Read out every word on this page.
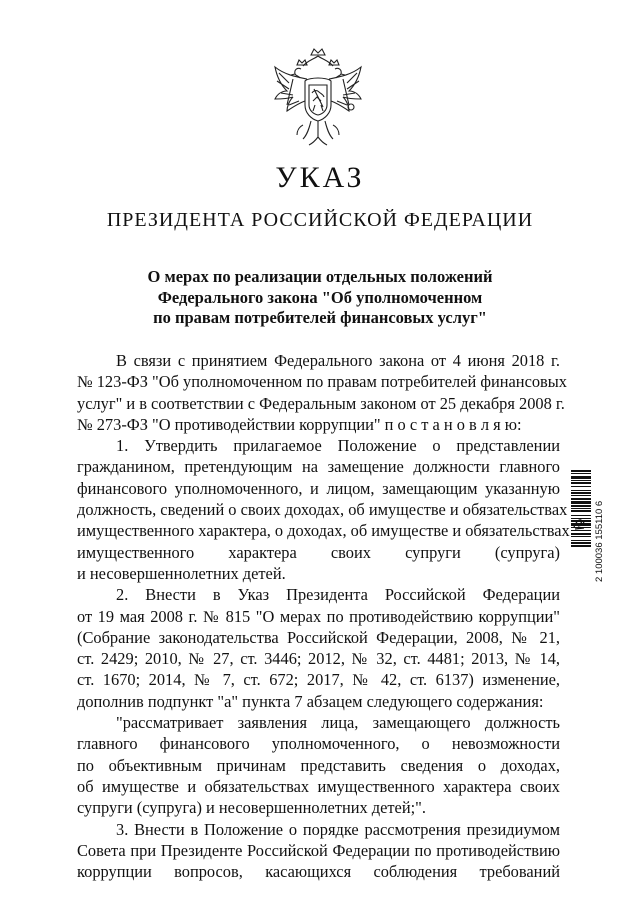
УКАЗ
ПРЕЗИДЕНТА РОССИЙСКОЙ ФЕДЕРАЦИИ
О мерах по реализации отдельных положений
Федерального закона "Об уполномоченном
по правам потребителей финансовых услуг"
В связи с принятием Федерального закона от 4 июня 2018 г.
№ 123-ФЗ "Об уполномоченном по правам потребителей финансовых
услуг" и в соответствии с Федеральным законом от 25 декабря 2008 г.
№ 273-ФЗ "О противодействии коррупции" п о с т а н о в л я ю:
1. Утвердить прилагаемое Положение о представлении
гражданином, претендующим на замещение должности главного
финансового уполномоченного, и лицом, замещающим указанную
должность, сведений о своих доходах, об имуществе и обязательствах
имущественного характера, о доходах, об имуществе и обязательствах
имущественного характера своих супруги (супруга)
и несовершеннолетних детей.
2. Внести в Указ Президента Российской Федерации
от 19 мая 2008 г. № 815 "О мерах по противодействию коррупции"
(Собрание законодательства Российской Федерации, 2008, № 21,
ст. 2429; 2010, № 27, ст. 3446; 2012, № 32, ст. 4481; 2013, № 14,
ст. 1670; 2014, № 7, ст. 672; 2017, № 42, ст. 6137) изменение,
дополнив подпункт "а" пункта 7 абзацем следующего содержания:
"рассматривает заявления лица, замещающего должность
главного финансового уполномоченного, о невозможности
по объективным причинам представить сведения о доходах,
об имуществе и обязательствах имущественного характера своих
супруги (супруга) и несовершеннолетних детей;".
3. Внести в Положение о порядке рассмотрения президиумом
Совета при Президенте Российской Федерации по противодействию
коррупции вопросов, касающихся соблюдения требований
2 100036 155110 6
